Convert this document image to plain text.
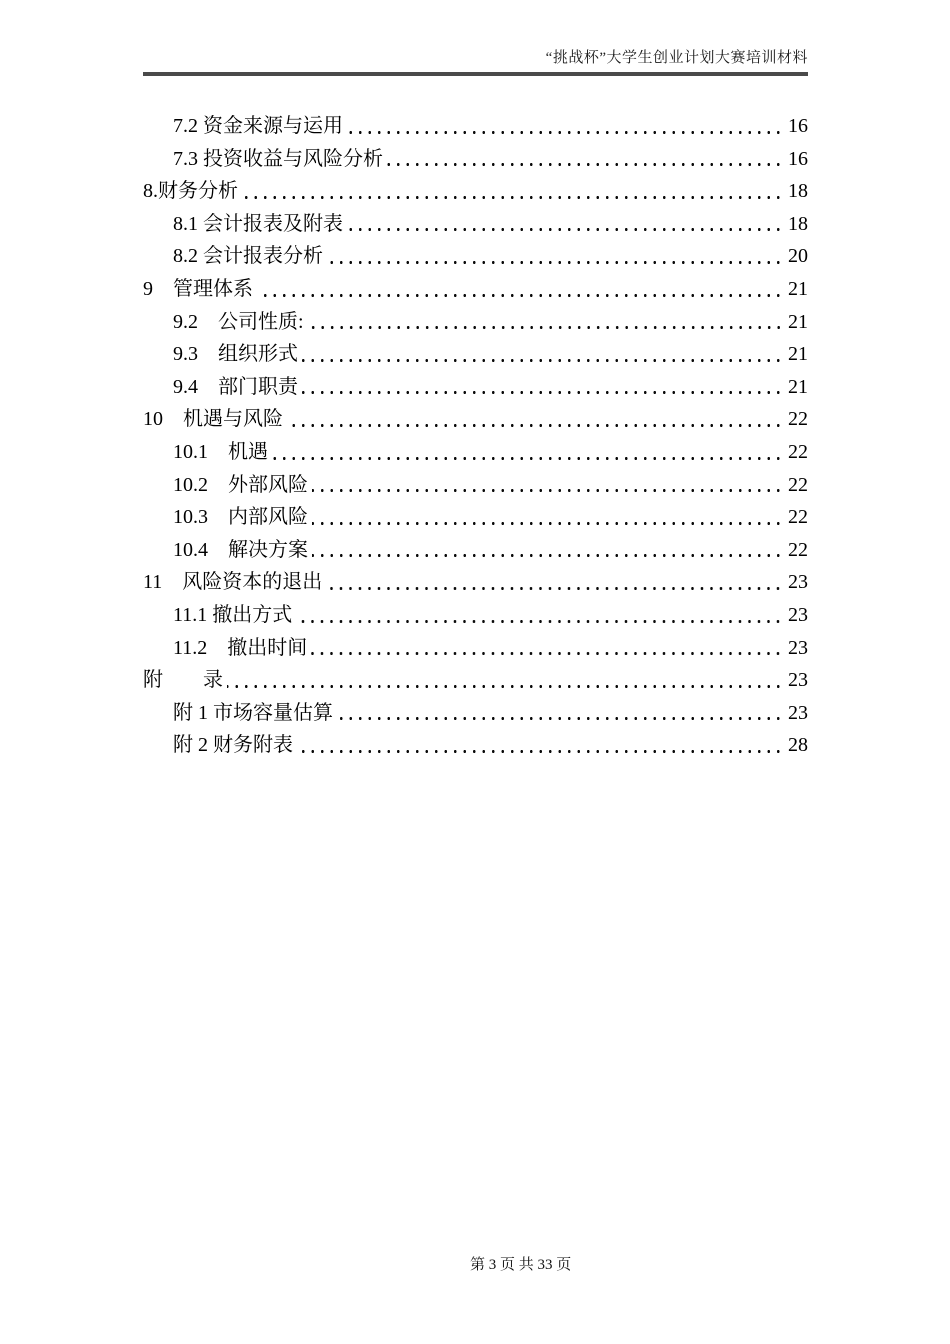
“挑战杯”大学生创业计划大赛培训材料
7.2 资金来源与运用	16
7.3 投资收益与风险分析	16
8.财务分析	18
8.1 会计报表及附表	18
8.2 会计报表分析	20
9　管理体系	21
9.2　公司性质:	21
9.3　组织形式	21
9.4　部门职责	21
10　机遇与风险	22
10.1　机遇	22
10.2　外部风险	22
10.3　内部风险	22
10.4　解决方案	22
11　风险资本的退出	23
11.1 撤出方式	23
11.2　撤出时间	23
附　　录	23
附 1 市场容量估算	23
附 2 财务附表	28
第 3 页 共 33 页
